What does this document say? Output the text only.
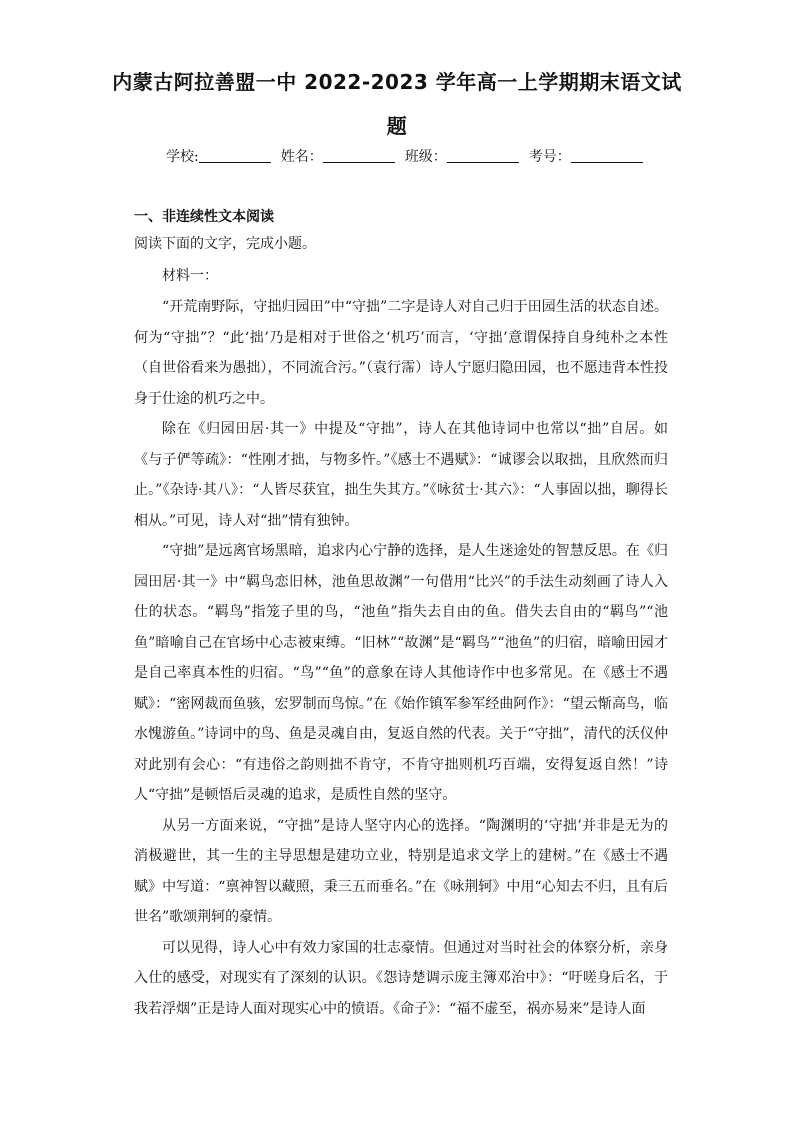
内蒙古阿拉善盟一中 2022-2023 学年高一上学期期末语文试
题
学校:	姓名：	班级：	考号：
一、非连续性文本阅读
阅读下面的文字，完成小题。
材料一：

“开荒南野际，守拙归园田”中“守拙”二字是诗人对自己归于田园生活的状态自述。何为“守拙”？“此‘拙’乃是相对于世俗之‘机巧’而言，‘守拙’意谓保持自身纯朴之本性（自世俗看来为愚拙），不同流合污。”（袁行霈）诗人宁愿归隐田园，也不愿违背本性投身于仕途的机巧之中。

除在《归园田居·其一》中提及“守拙”，诗人在其他诗词中也常以“拙”自居。如《与子俨等疏》：“性刚才拙，与物多忤。”《感士不遇赋》：“诚谬会以取拙，且欣然而归止。”《杂诗·其八》：“人皆尽获宜，拙生失其方。”《咏贫士·其六》：“人事固以拙，聊得长相从。”可见，诗人对“拙”情有独钟。

“守拙”是远离官场黑暗，追求内心宁静的选择，是人生迷途处的智慧反思。在《归园田居·其一》中“羁鸟恋旧林，池鱼思故渊”一句借用“比兴”的手法生动刻画了诗人入仕的状态。“羁鸟”指笼子里的鸟，“池鱼”指失去自由的鱼。借失去自由的“羁鸟”“池鱼”暗喻自己在官场中心志被束缚。“旧林”“故渊”是“羁鸟”“池鱼”的归宿，暗喻田园才是自己率真本性的归宿。“鸟”“鱼”的意象在诗人其他诗作中也多常见。在《感士不遇赋》：“密网裁而鱼骇，宏罗制而鸟惊。”在《始作镇军参军经曲阿作》：“望云惭高鸟，临水愧游鱼。”诗词中的鸟、鱼是灵魂自由，复返自然的代表。关于“守拙”，清代的沃仪仲对此别有会心：“有违俗之韵则拙不肯守，不肯守拙则机巧百端，安得复返自然！”诗人“守拙”是顿悟后灵魂的追求，是质性自然的坚守。

从另一方面来说，“守拙”是诗人坚守内心的选择。“陶渊明的‘守拙’并非是无为的消极避世，其一生的主导思想是建功立业，特别是追求文学上的建树。”在《感士不遇赋》中写道：“禀神智以藏照，秉三五而垂名。”在《咏荆轲》中用“心知去不归，且有后世名”歌颂荆轲的豪情。

可以见得，诗人心中有效力家国的壮志豪情。但通过对当时社会的体察分析，亲身入仕的感受，对现实有了深刻的认识。《怨诗楚调示庞主簿邓治中》：“吁嗟身后名，于我若浮烟”正是诗人面对现实心中的愤语。《命子》：“福不虚至，祸亦易来”是诗人面
